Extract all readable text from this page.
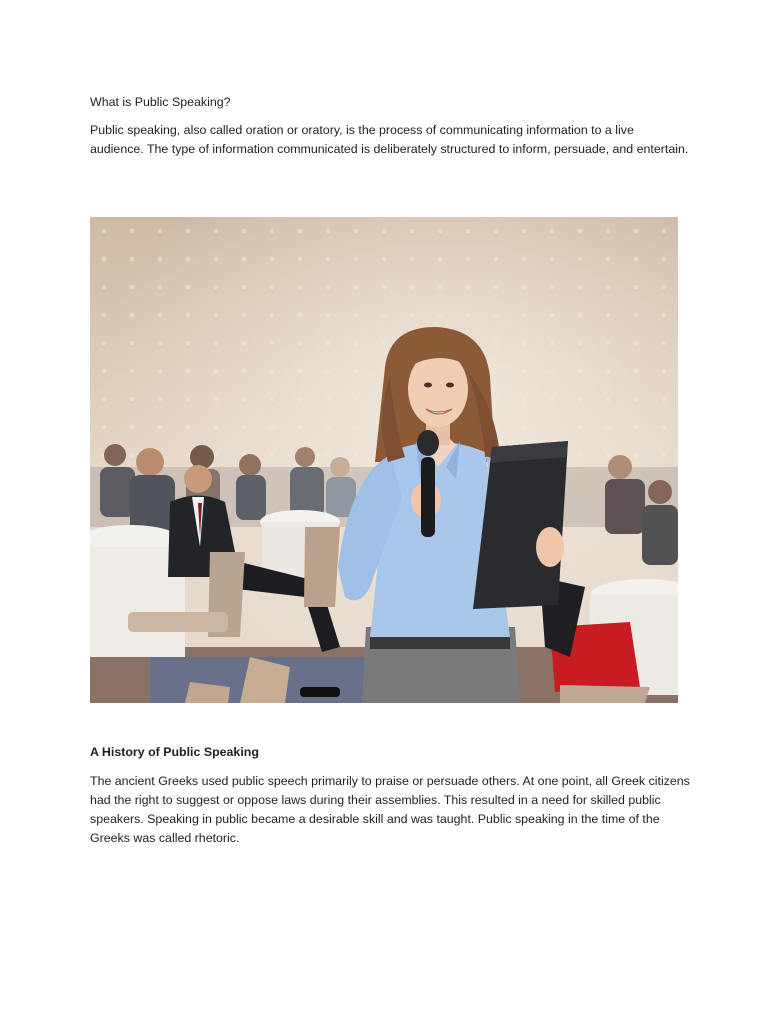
What is Public Speaking?

Public speaking, also called oration or oratory, is the process of communicating information to a live audience. The type of information communicated is deliberately structured to inform, persuade, and entertain.

A History of Public Speaking

The ancient Greeks used public speech primarily to praise or persuade others. At one point, all Greek citizens had the right to suggest or oppose laws during their assemblies. This resulted in a need for skilled public speakers. Speaking in public became a desirable skill and was taught. Public speaking in the time of the Greeks was called rhetoric.
